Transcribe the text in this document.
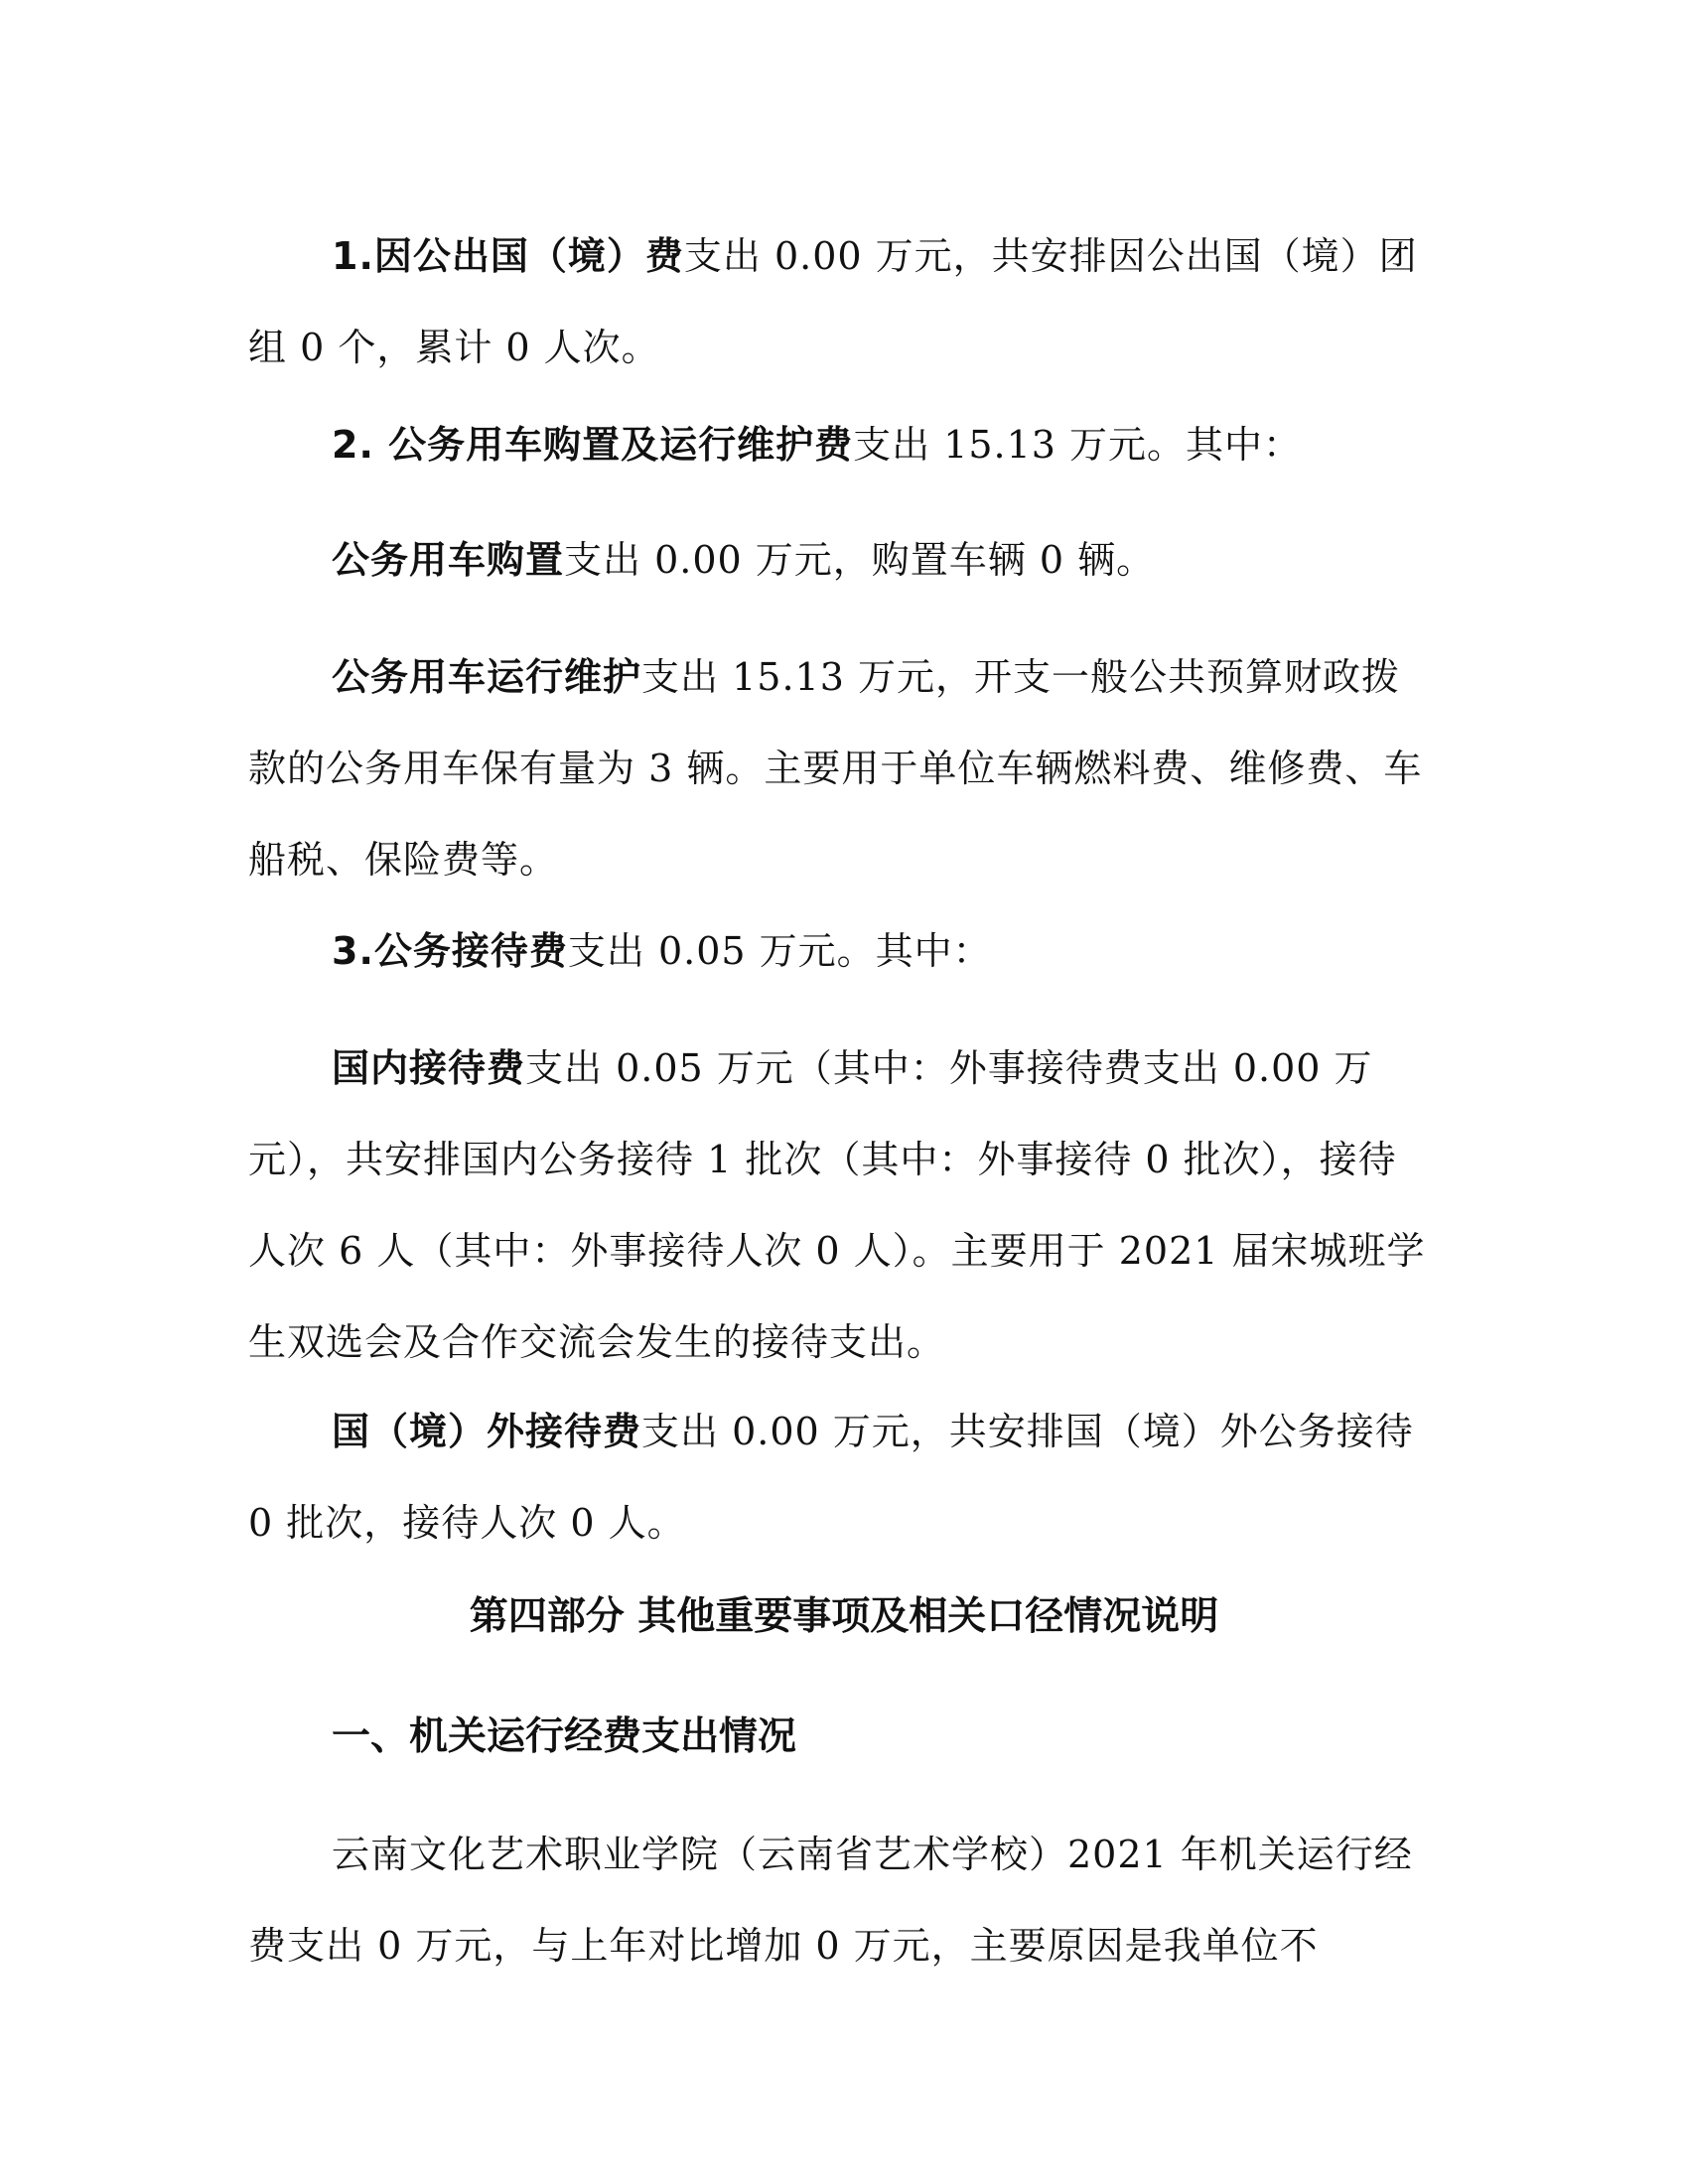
1.因公出国（境）费支出 0.00 万元，共安排因公出国（境）团组 0 个，累计 0 人次。

2. 公务用车购置及运行维护费支出 15.13 万元。其中：

公务用车购置支出 0.00 万元，购置车辆 0 辆。

公务用车运行维护支出 15.13 万元，开支一般公共预算财政拨款的公务用车保有量为 3 辆。主要用于单位车辆燃料费、维修费、车船税、保险费等。

3.公务接待费支出 0.05 万元。其中：

国内接待费支出 0.05 万元（其中：外事接待费支出 0.00 万元），共安排国内公务接待 1 批次（其中：外事接待 0 批次），接待人次 6 人（其中：外事接待人次 0 人）。主要用于 2021 届宋城班学生双选会及合作交流会发生的接待支出。

国（境）外接待费支出 0.00 万元，共安排国（境）外公务接待 0 批次，接待人次 0 人。

第四部分 其他重要事项及相关口径情况说明
一、机关运行经费支出情况

云南文化艺术职业学院（云南省艺术学校）2021 年机关运行经费支出 0 万元，与上年对比增加 0 万元，主要原因是我单位不
